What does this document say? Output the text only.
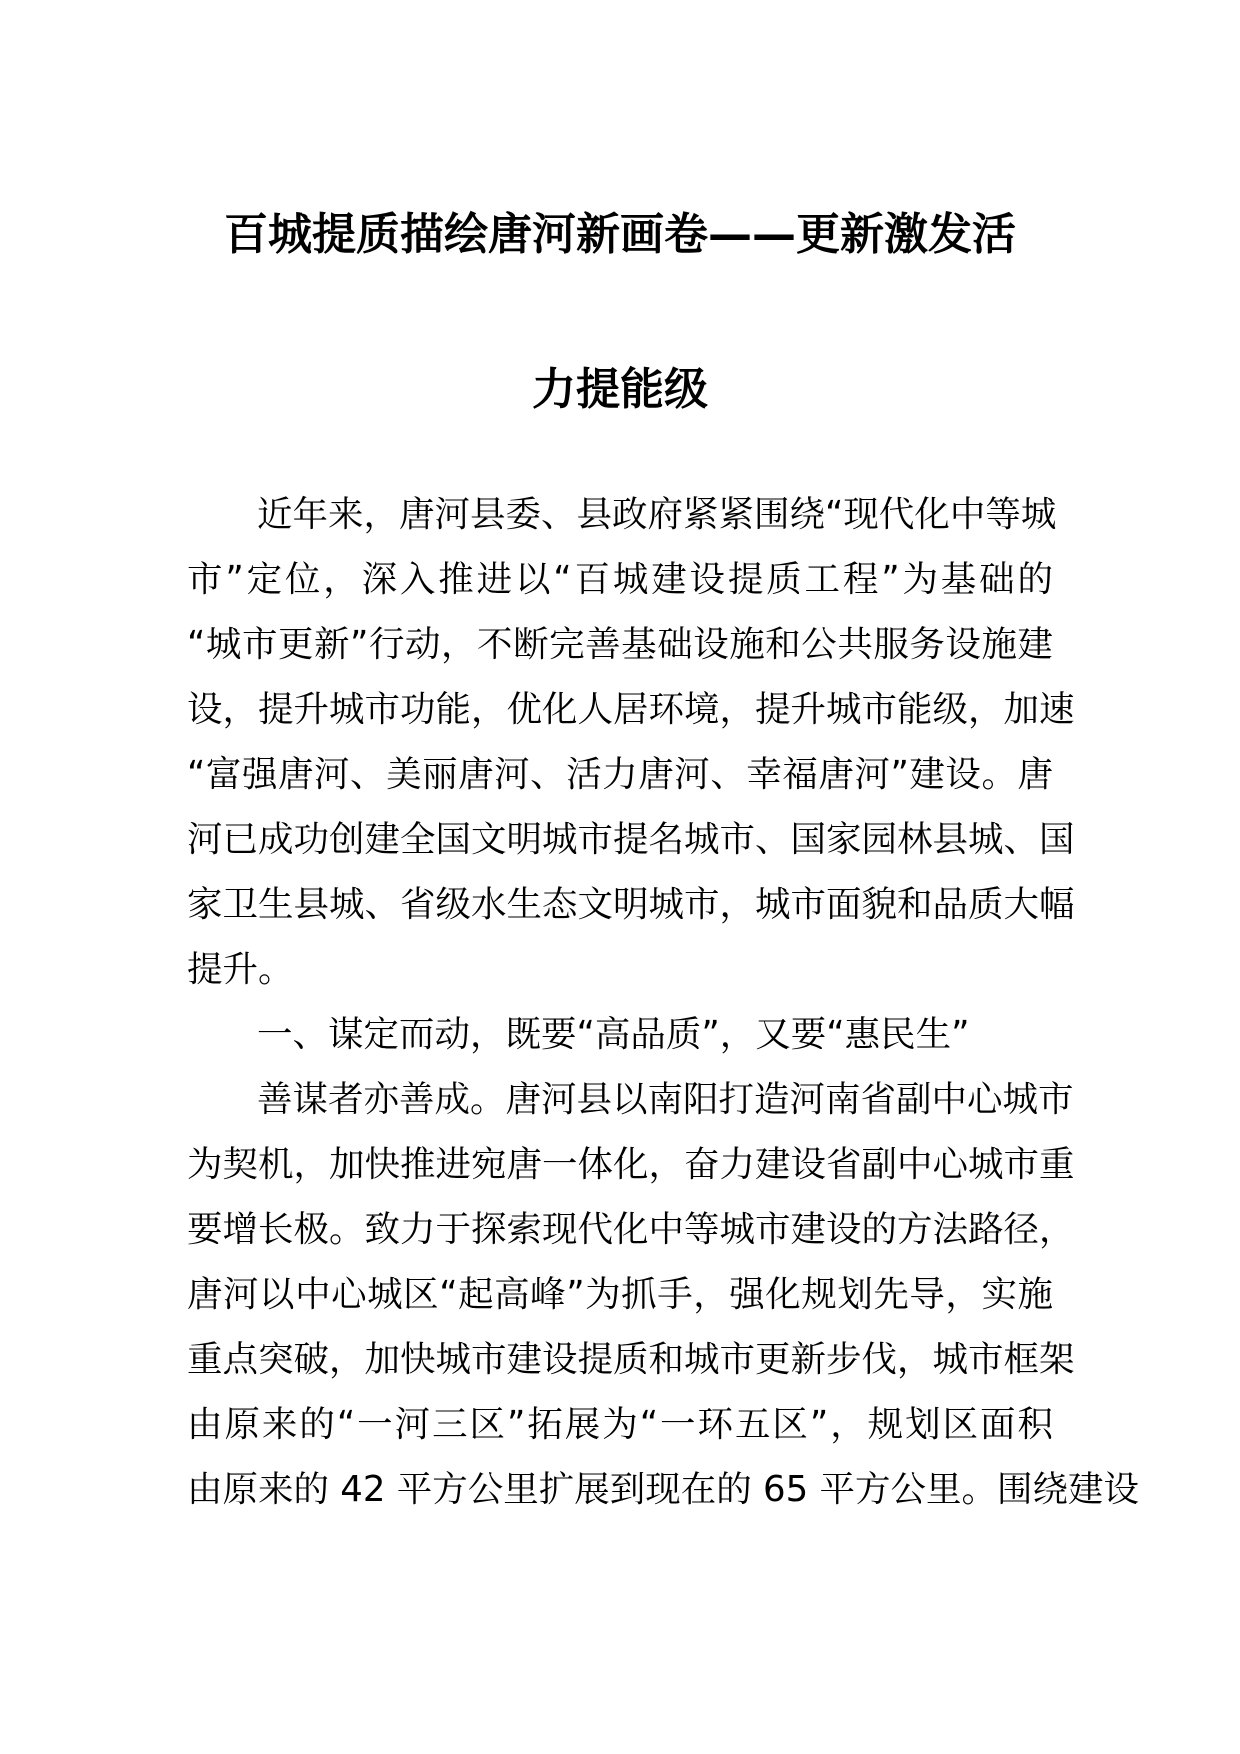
百城提质描绘唐河新画卷——更新激发活
力提能级
近年来，唐河县委、县政府紧紧围绕“现代化中等城
市”定位，深入推进以“百城建设提质工程”为基础的
“城市更新”行动，不断完善基础设施和公共服务设施建
设，提升城市功能，优化人居环境，提升城市能级，加速
“富强唐河、美丽唐河、活力唐河、幸福唐河”建设。唐
河已成功创建全国文明城市提名城市、国家园林县城、国
家卫生县城、省级水生态文明城市，城市面貌和品质大幅
提升。
一、谋定而动，既要“高品质”，又要“惠民生”
善谋者亦善成。唐河县以南阳打造河南省副中心城市
为契机，加快推进宛唐一体化，奋力建设省副中心城市重
要增长极。致力于探索现代化中等城市建设的方法路径，
唐河以中心城区“起高峰”为抓手，强化规划先导，实施
重点突破，加快城市建设提质和城市更新步伐，城市框架
由原来的“一河三区”拓展为“一环五区”，规划区面积
由原来的 42 平方公里扩展到现在的 65 平方公里。围绕建设
